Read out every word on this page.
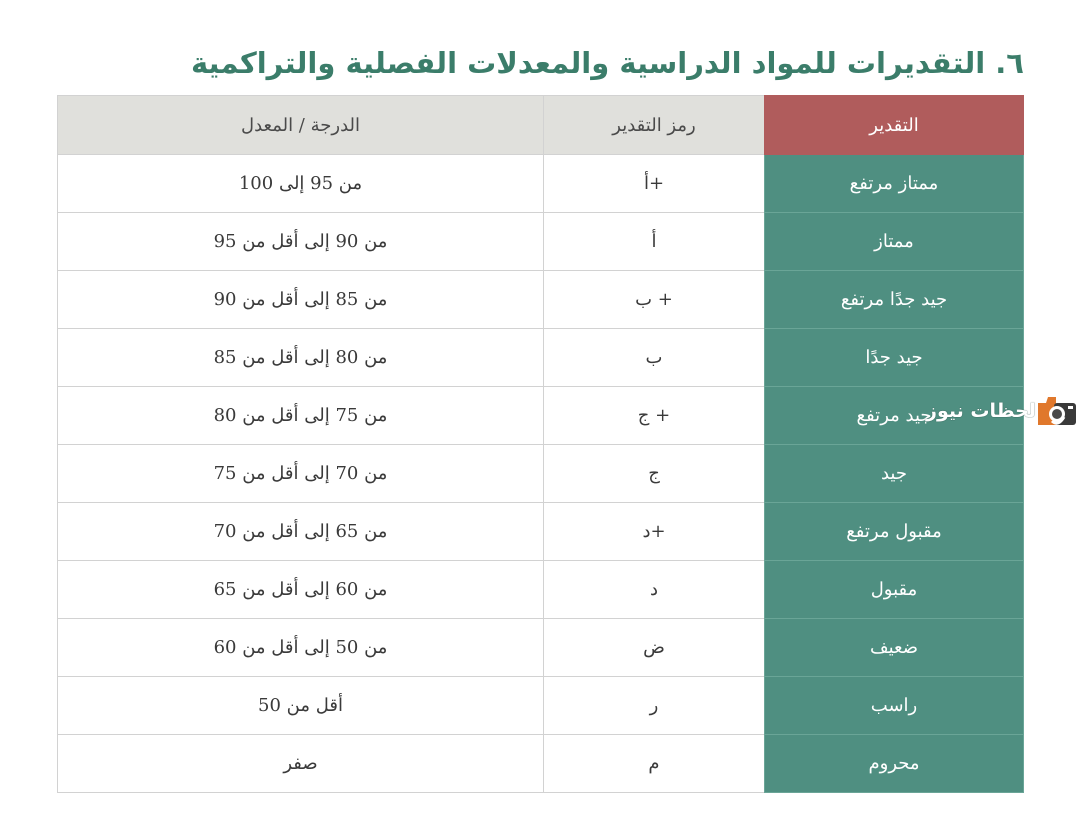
٦. التقديرات للمواد الدراسية والمعدلات الفصلية والتراكمية
التقدير	رمز التقدير	الدرجة / المعدل
ممتاز مرتفع	+أ	من 95 إلى 100
ممتاز	أ	من 90 إلى أقل من 95
جيد جدًا مرتفع	+ ب	من 85 إلى أقل من 90
جيد جدًا	ب	من 80 إلى أقل من 85
جيد مرتفع	+ ج	من 75 إلى أقل من 80
جيد	ج	من 70 إلى أقل من 75
مقبول مرتفع	+د	من 65 إلى أقل من 70
مقبول	د	من 60 إلى أقل من 65
ضعيف	ض	من 50 إلى أقل من 60
راسب	ر	أقل من 50
محروم	م	صفر
لحظات نيوز
